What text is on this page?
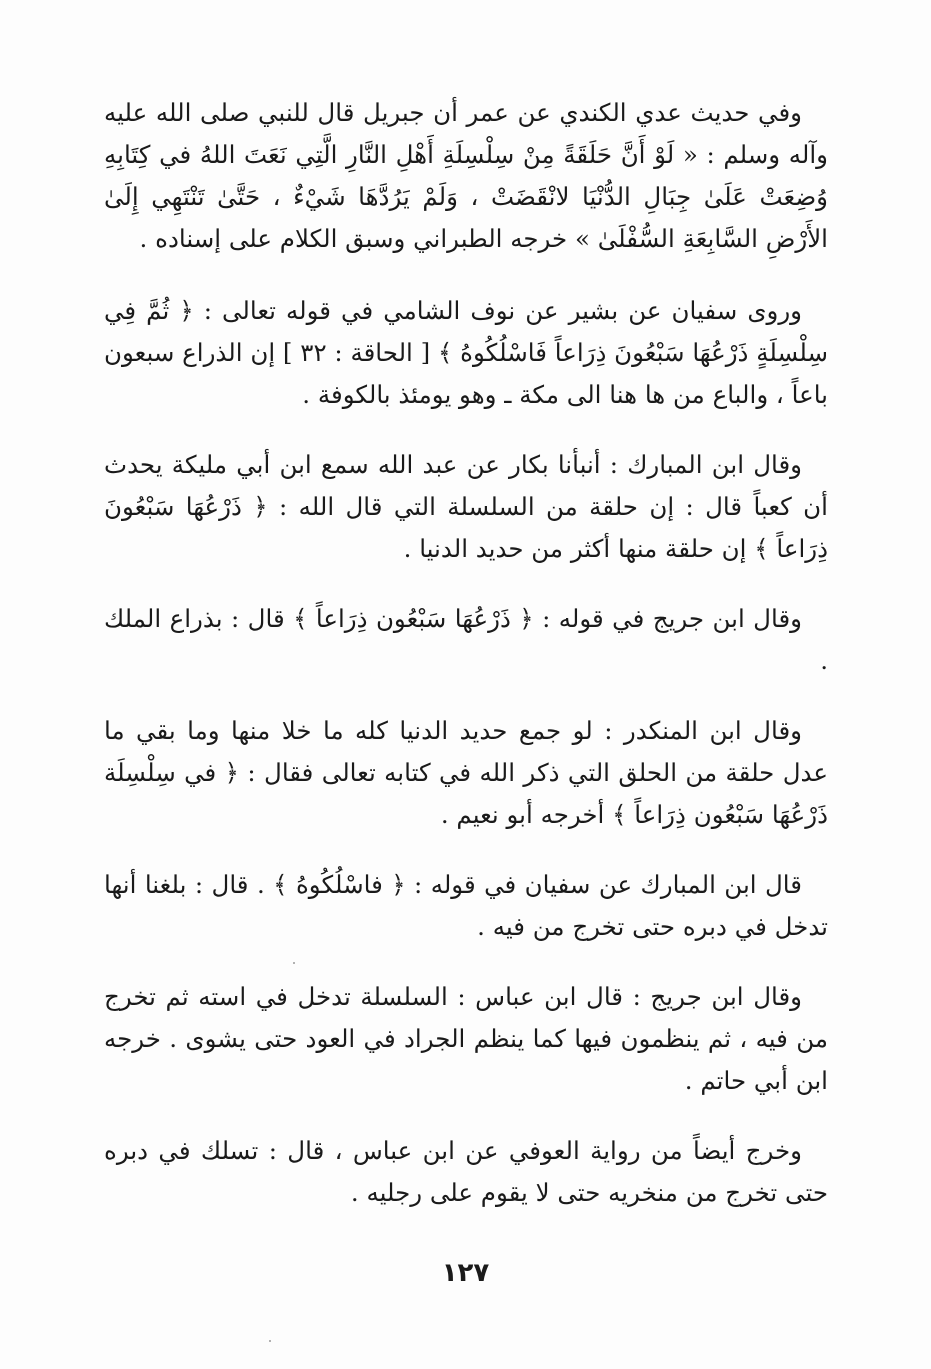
وفي حديث عدي الكندي عن عمر أن جبريل قال للنبي صلى الله عليه وآله وسلم : « لَوْ أَنَّ حَلَقَةً مِنْ سِلْسِلَةِ أَهْلِ النَّارِ الَّتِي نَعَتَ اللهُ في كِتَابِهِ وُضِعَتْ عَلَىٰ جِبَالِ الدُّنْيَا لانْقَضَتْ ، وَلَمْ يَرُدَّهَا شَيْءٌ ، حَتَّىٰ تَنْتَهِي إِلَىٰ الأَرْضِ السَّابِعَةِ السُّفْلَىٰ » خرجه الطبراني وسبق الكلام على إسناده .

وروى سفيان عن بشير عن نوف الشامي في قوله تعالى : ﴿ ثُمَّ فِي سِلْسِلَةٍ ذَرْعُهَا سَبْعُونَ ذِرَاعاً فَاسْلُكُوهُ ﴾ [ الحاقة : ٣٢ ] إن الذراع سبعون باعاً ، والباع من ها هنا الى مكة ـ وهو يومئذ بالكوفة .

وقال ابن المبارك : أنبأنا بكار عن عبد الله سمع ابن أبي مليكة يحدث أن كعباً قال : إن حلقة من السلسلة التي قال الله : ﴿ ذَرْعُهَا سَبْعُونَ ذِرَاعاً ﴾ إن حلقة منها أكثر من حديد الدنيا .

وقال ابن جريج في قوله : ﴿ ذَرْعُهَا سَبْعُون ذِرَاعاً ﴾ قال : بذراع الملك .

وقال ابن المنكدر : لو جمع حديد الدنيا كله ما خلا منها وما بقي ما عدل حلقة من الحلق التي ذكر الله في كتابه تعالى فقال : ﴿ في سِلْسِلَة ذَرْعُهَا سَبْعُون ذِرَاعاً ﴾ أخرجه أبو نعيم .

قال ابن المبارك عن سفيان في قوله : ﴿ فاسْلُكُوهُ ﴾ . قال : بلغنا أنها تدخل في دبره حتى تخرج من فيه .

وقال ابن جريج : قال ابن عباس : السلسلة تدخل في استه ثم تخرج من فيه ، ثم ينظمون فيها كما ينظم الجراد في العود حتى يشوى . خرجه ابن أبي حاتم .

وخرج أيضاً من رواية العوفي عن ابن عباس ، قال : تسلك في دبره حتى تخرج من منخريه حتى لا يقوم على رجليه .

١٢٧
